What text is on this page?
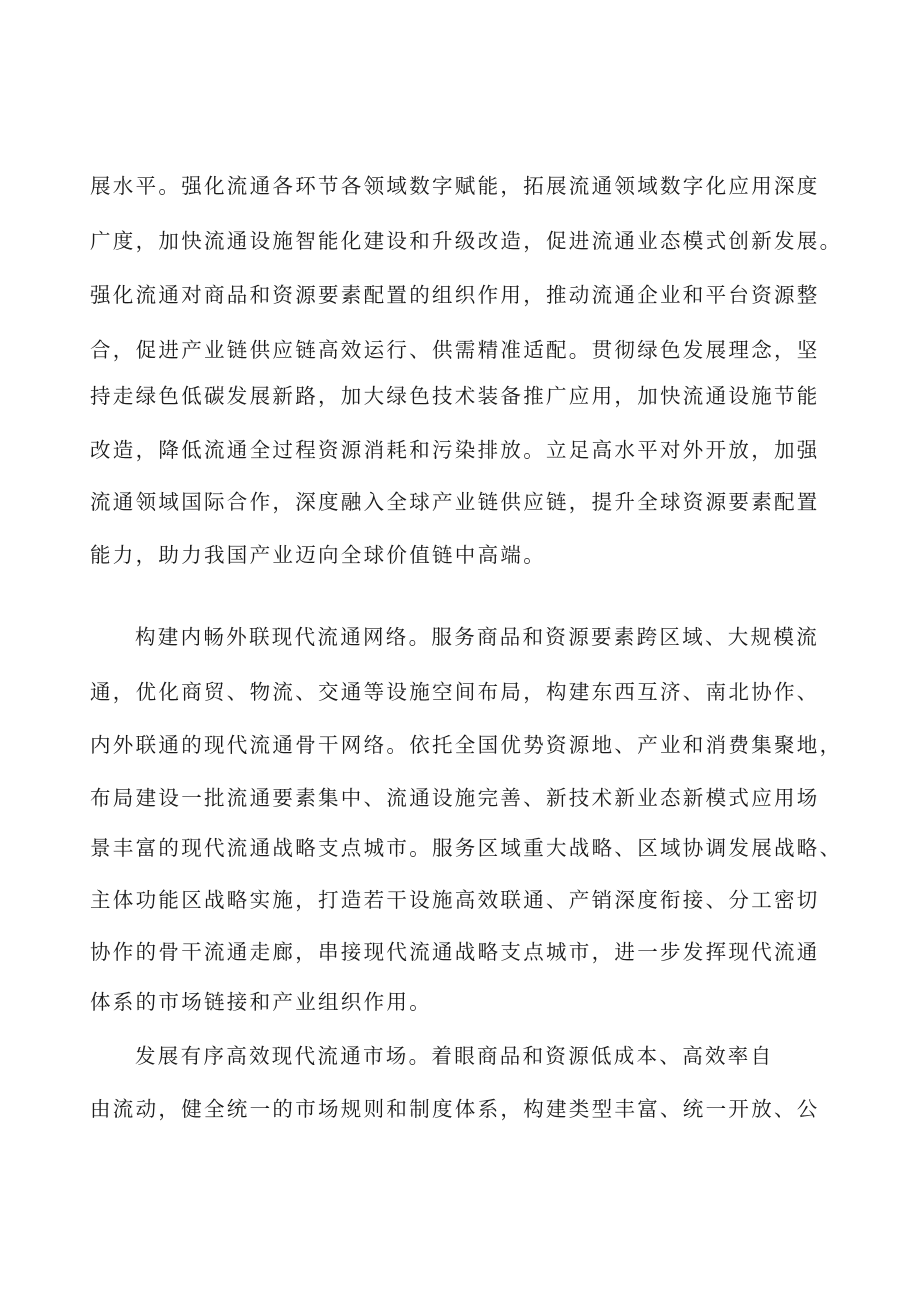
展水平。强化流通各环节各领域数字赋能，拓展流通领域数字化应用深度
广度，加快流通设施智能化建设和升级改造，促进流通业态模式创新发展。
强化流通对商品和资源要素配置的组织作用，推动流通企业和平台资源整
合，促进产业链供应链高效运行、供需精准适配。贯彻绿色发展理念，坚
持走绿色低碳发展新路，加大绿色技术装备推广应用，加快流通设施节能
改造，降低流通全过程资源消耗和污染排放。立足高水平对外开放，加强
流通领域国际合作，深度融入全球产业链供应链，提升全球资源要素配置
能力，助力我国产业迈向全球价值链中高端。
构建内畅外联现代流通网络。服务商品和资源要素跨区域、大规模流
通，优化商贸、物流、交通等设施空间布局，构建东西互济、南北协作、
内外联通的现代流通骨干网络。依托全国优势资源地、产业和消费集聚地，
布局建设一批流通要素集中、流通设施完善、新技术新业态新模式应用场
景丰富的现代流通战略支点城市。服务区域重大战略、区域协调发展战略、
主体功能区战略实施，打造若干设施高效联通、产销深度衔接、分工密切
协作的骨干流通走廊，串接现代流通战略支点城市，进一步发挥现代流通
体系的市场链接和产业组织作用。
发展有序高效现代流通市场。着眼商品和资源低成本、高效率自
由流动，健全统一的市场规则和制度体系，构建类型丰富、统一开放、公
